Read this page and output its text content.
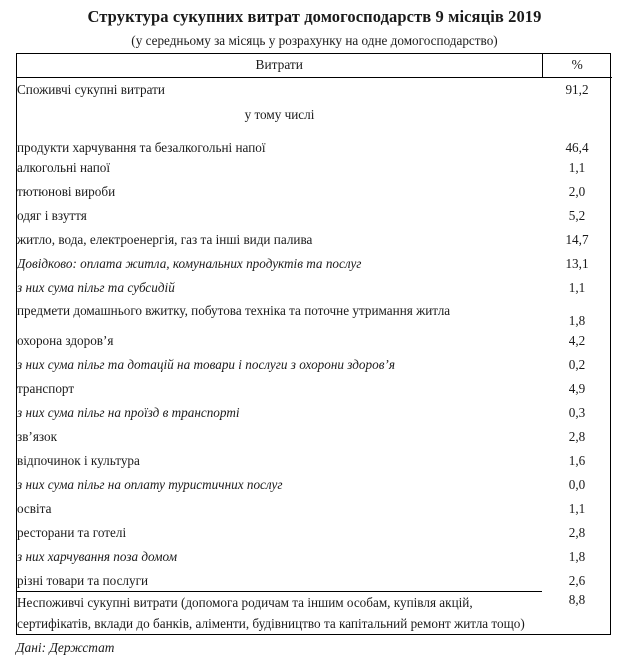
Структура сукупних витрат домогосподарств 9 місяців 2019
(у середньому за місяць у розрахунку на одне домогосподарство)
Витрати	%
Споживчі сукупні витрати	91,2
у тому числі	
продукти харчування та безалкогольні напої	46,4
алкогольні напої	1,1
тютюнові вироби	2,0
одяг і взуття	5,2
житло, вода, електроенергія, газ та інші види палива	14,7
Довідково: оплата житла, комунальних продуктів та послуг	13,1
з них сума пільг та субсидій	1,1
предмети домашнього вжитку, побутова техніка та поточне утримання житла	1,8
охорона здоров’я	4,2
з них сума пільг та дотацій на товари і послуги з охорони здоров’я	0,2
транспорт	4,9
з них сума пільг на проїзд в транспорті	0,3
зв’язок	2,8
відпочинок і культура	1,6
з них сума пільг на оплату туристичних послуг	0,0
освіта	1,1
ресторани та готелі	2,8
з них харчування поза домом	1,8
різні товари та послуги	2,6
Неспоживчі сукупні витрати (допомога родичам та іншим особам, купівля акцій, сертифікатів, вклади до банків, аліменти, будівництво та капітальний ремонт житла тощо)	8,8
Дані: Держстат
